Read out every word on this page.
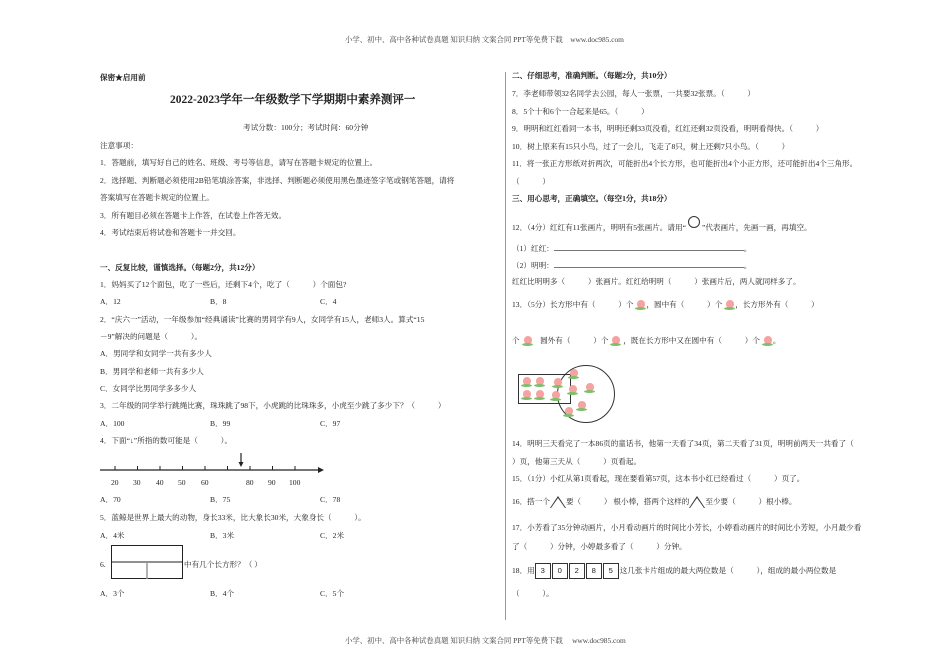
小学、初中、高中各种试卷真题 知识归纳 文案合同 PPT等免费下载　www.doc985.com
保密★启用前
2022-2023学年一年级数学下学期期中素养测评一
考试分数：100分；考试时间：60分钟
注意事项：
1．答题前，填写好自己的姓名、班级、考号等信息，请写在答题卡规定的位置上。
2．选择题、判断题必须使用2B铅笔填涂答案，非选择、判断题必须使用黑色墨迹签字笔或钢笔答题，请将
答案填写在答题卡规定的位置上。
3．所有题目必须在答题卡上作答，在试卷上作答无效。
4．考试结束后将试卷和答题卡一并交回。
一、反复比较，谨慎选择。（每题2分，共12分）
1．妈妈买了12个面包，吃了一些后，还剩下4个，吃了（　　　）个面包?
A．12	B．8	C．4
2．“庆六一”活动，一年级参加“经典诵读”比赛的男同学有9人，女同学有15人，老师3人。算式“15
－9”解决的问题是（　　　）。
A．男同学和女同学一共有多少人
B．男同学和老师一共有多少人
C．女同学比男同学多多少人
3．二年级的同学举行跳绳比赛，珠珠跳了98下，小虎跳的比珠珠多，小虎至少跳了多少下？（　　　）
A．100	B．99	C．97
4．下面“↓”所指的数可能是（　　　）。
20 30 40 50 60	80 90 100
A．70	B．75	C．78
5．蓝鲸是世界上最大的动物，身长33米，比大象长30米，大象身长（　　　）。
A．4米	B．3米	C．2米
6.	中有几个长方形？（ ）
A．3个	B．4个	C．5个
二、仔细思考，准确判断。（每题2分，共10分）
7．李老师带领32名同学去公园，每人一张票，一共要32张票。（　　　）
8．5个十和6个一合起来是65。（　　　）
9．明明和红红看同一本书，明明还剩33页没看，红红还剩32页没看，明明看得快。（　　　）
10．树上原来有15只小鸟，过了一会儿，飞走了8只，树上还剩7只小鸟。（　　　）
11．将一张正方形纸对折两次，可能折出4个长方形，也可能折出4个小正方形，还可能折出4个三角形。
（　　　）
三、用心思考，正确填空。（每空1分，共18分）
12．（4分）红红有11张画片，明明有5张画片。请用“ ”代表画片，先画一画，再填空。
（1）红红：	。
（2）明明：	。
红红比明明多（　　　）张画片。红红给明明（　　　）张画片后，两人就同样多了。
13．（5分）长方形中有（　　　）个 ，圆中有（　　　）个 ，长方形外有（　　　）
个 　	圆外有（　　　）个 ，既在长方形中又在圆中有（　　　）个 。
14．明明三天看完了一本86页的童话书，他第一天看了34页，第二天看了31页，明明前两天一共看了（
）页，他第三天从（　　　）页看起。
15．（1分）小红从第1页看起，现在要看第57页，这本书小红已经看过（　　　）页了。
16．搭一个 要（　　　） 根小棒，搭两个这样的 至少要（　　　）根小棒。
17．小芳看了35分钟动画片，小月看动画片的时间比小芳长，小婷看动画片的时间比小芳短，小月最少看
了（　　　）分钟，小婷最多看了（　　　）分钟。
18．用 3 0 2 8 5 这几张卡片组成的最大两位数是（　　　），组成的最小两位数是
（　　　）。
小学、初中、高中各种试卷真题 知识归纳 文案合同 PPT等免费下载　 www.doc985.com
